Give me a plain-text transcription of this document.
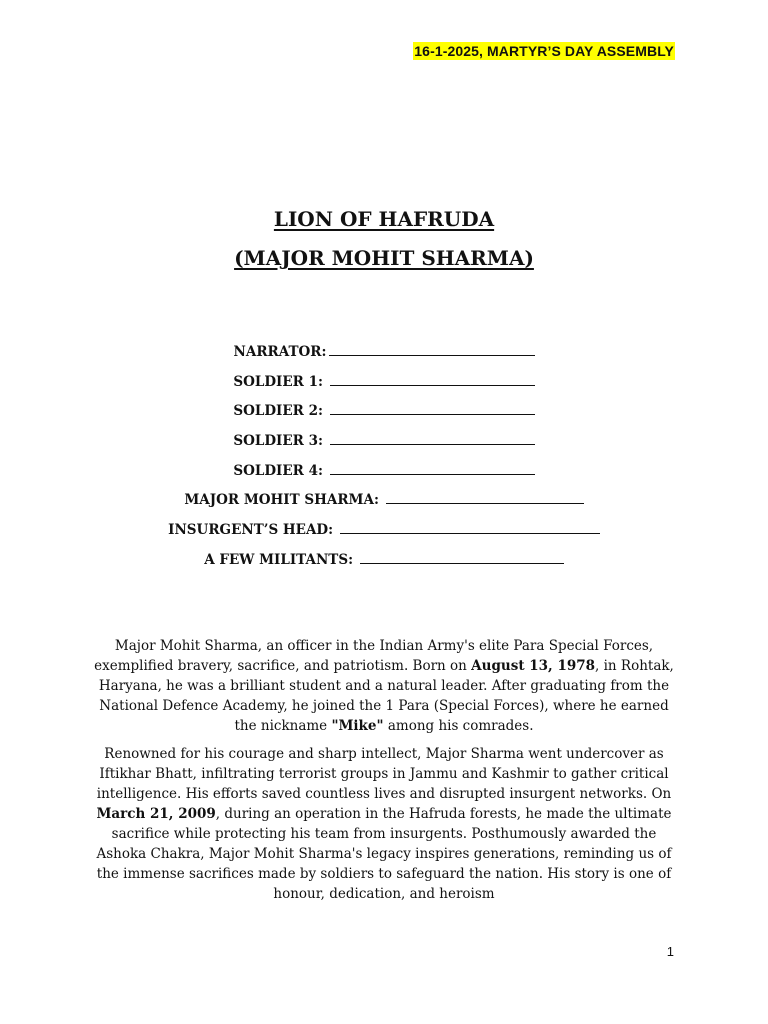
16-1-2025, MARTYR’S DAY ASSEMBLY
LION OF HAFRUDA
(MAJOR MOHIT SHARMA)
NARRATOR:
SOLDIER 1:
SOLDIER 2:
SOLDIER 3:
SOLDIER 4:
MAJOR MOHIT SHARMA:
INSURGENT’S HEAD:
A FEW MILITANTS:

Major Mohit Sharma, an officer in the Indian Army's elite Para Special Forces, exemplified bravery, sacrifice, and patriotism. Born on August 13, 1978, in Rohtak, Haryana, he was a brilliant student and a natural leader. After graduating from the National Defence Academy, he joined the 1 Para (Special Forces), where he earned the nickname "Mike" among his comrades.

Renowned for his courage and sharp intellect, Major Sharma went undercover as Iftikhar Bhatt, infiltrating terrorist groups in Jammu and Kashmir to gather critical intelligence. His efforts saved countless lives and disrupted insurgent networks. On March 21, 2009, during an operation in the Hafruda forests, he made the ultimate sacrifice while protecting his team from insurgents. Posthumously awarded the Ashoka Chakra, Major Mohit Sharma's legacy inspires generations, reminding us of the immense sacrifices made by soldiers to safeguard the nation. His story is one of honour, dedication, and heroism

1
